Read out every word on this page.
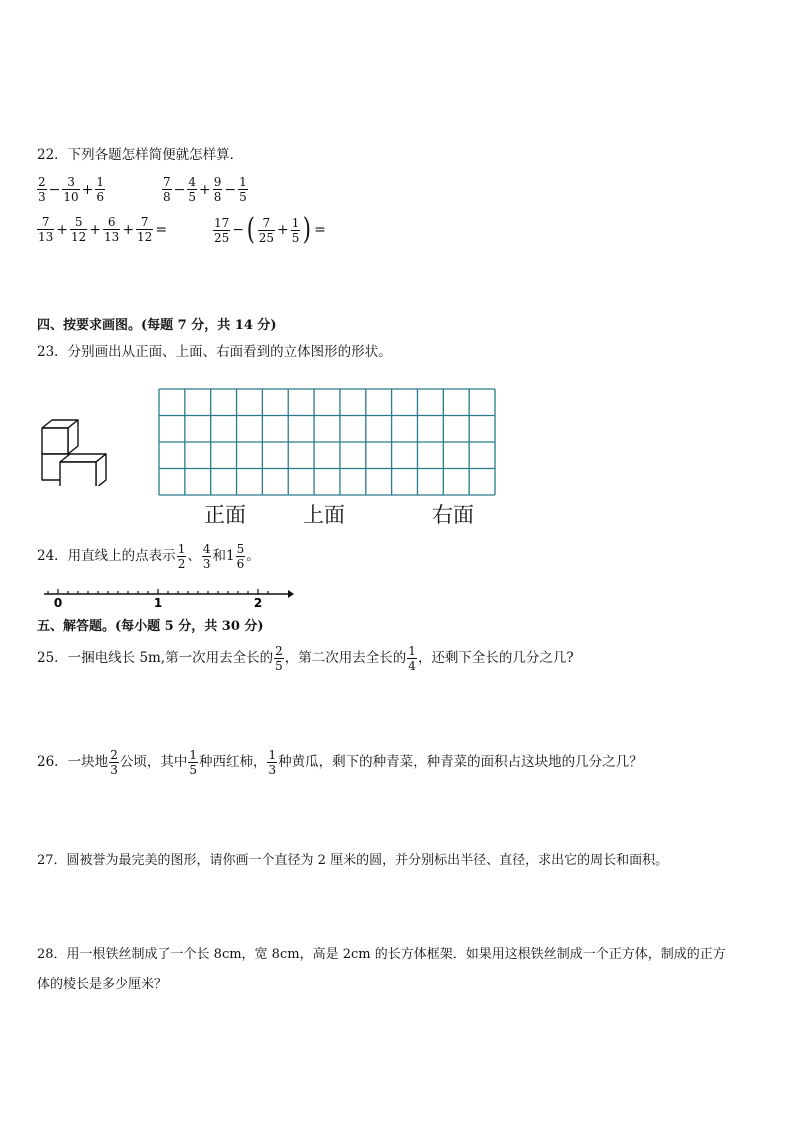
22．下列各题怎样简便就怎样算．
$\frac{2}{3} - \frac{3}{10} + \frac{1}{6}$	$\frac{7}{8} - \frac{4}{5} + \frac{9}{8} - \frac{1}{5}$
$\frac{7}{13} + \frac{5}{12} + \frac{6}{13} + \frac{7}{12}$ =	$\frac{17}{25}$ −( $\frac{7}{25} + \frac{1}{5}$ ) =
四、按要求画图。(每题 7 分，共 14 分)
23．分别画出从正面、上面、右面看到的立体图形的形状。
正面	上面	右面
24．用直线上的点表示 $\frac{1}{2}$ 、 $\frac{4}{3}$ 和$1 \frac{5}{6}$ 。
0	1	2
五、解答题。(每小题 5 分，共 30 分)
25．一捆电线长 5m,第一次用去全长的 $\frac{2}{5}$ ，第二次用去全长的 $\frac{1}{4}$ ，还剩下全长的几分之几?
26．一块地 $\frac{2}{3}$ 公顷，其中 $\frac{1}{5}$ 种西红柿， $\frac{1}{3}$ 种黄瓜，剩下的种青菜，种青菜的面积占这块地的几分之几？
27．圆被誉为最完美的图形，请你画一个直径为 2 厘米的圆，并分别标出半径、直径，求出它的周长和面积。
28．用一根铁丝制成了一个长 8cm，宽 8cm，高是 2cm 的长方体框架．如果用这根铁丝制成一个正方体，制成的正方
体的棱长是多少厘米？
